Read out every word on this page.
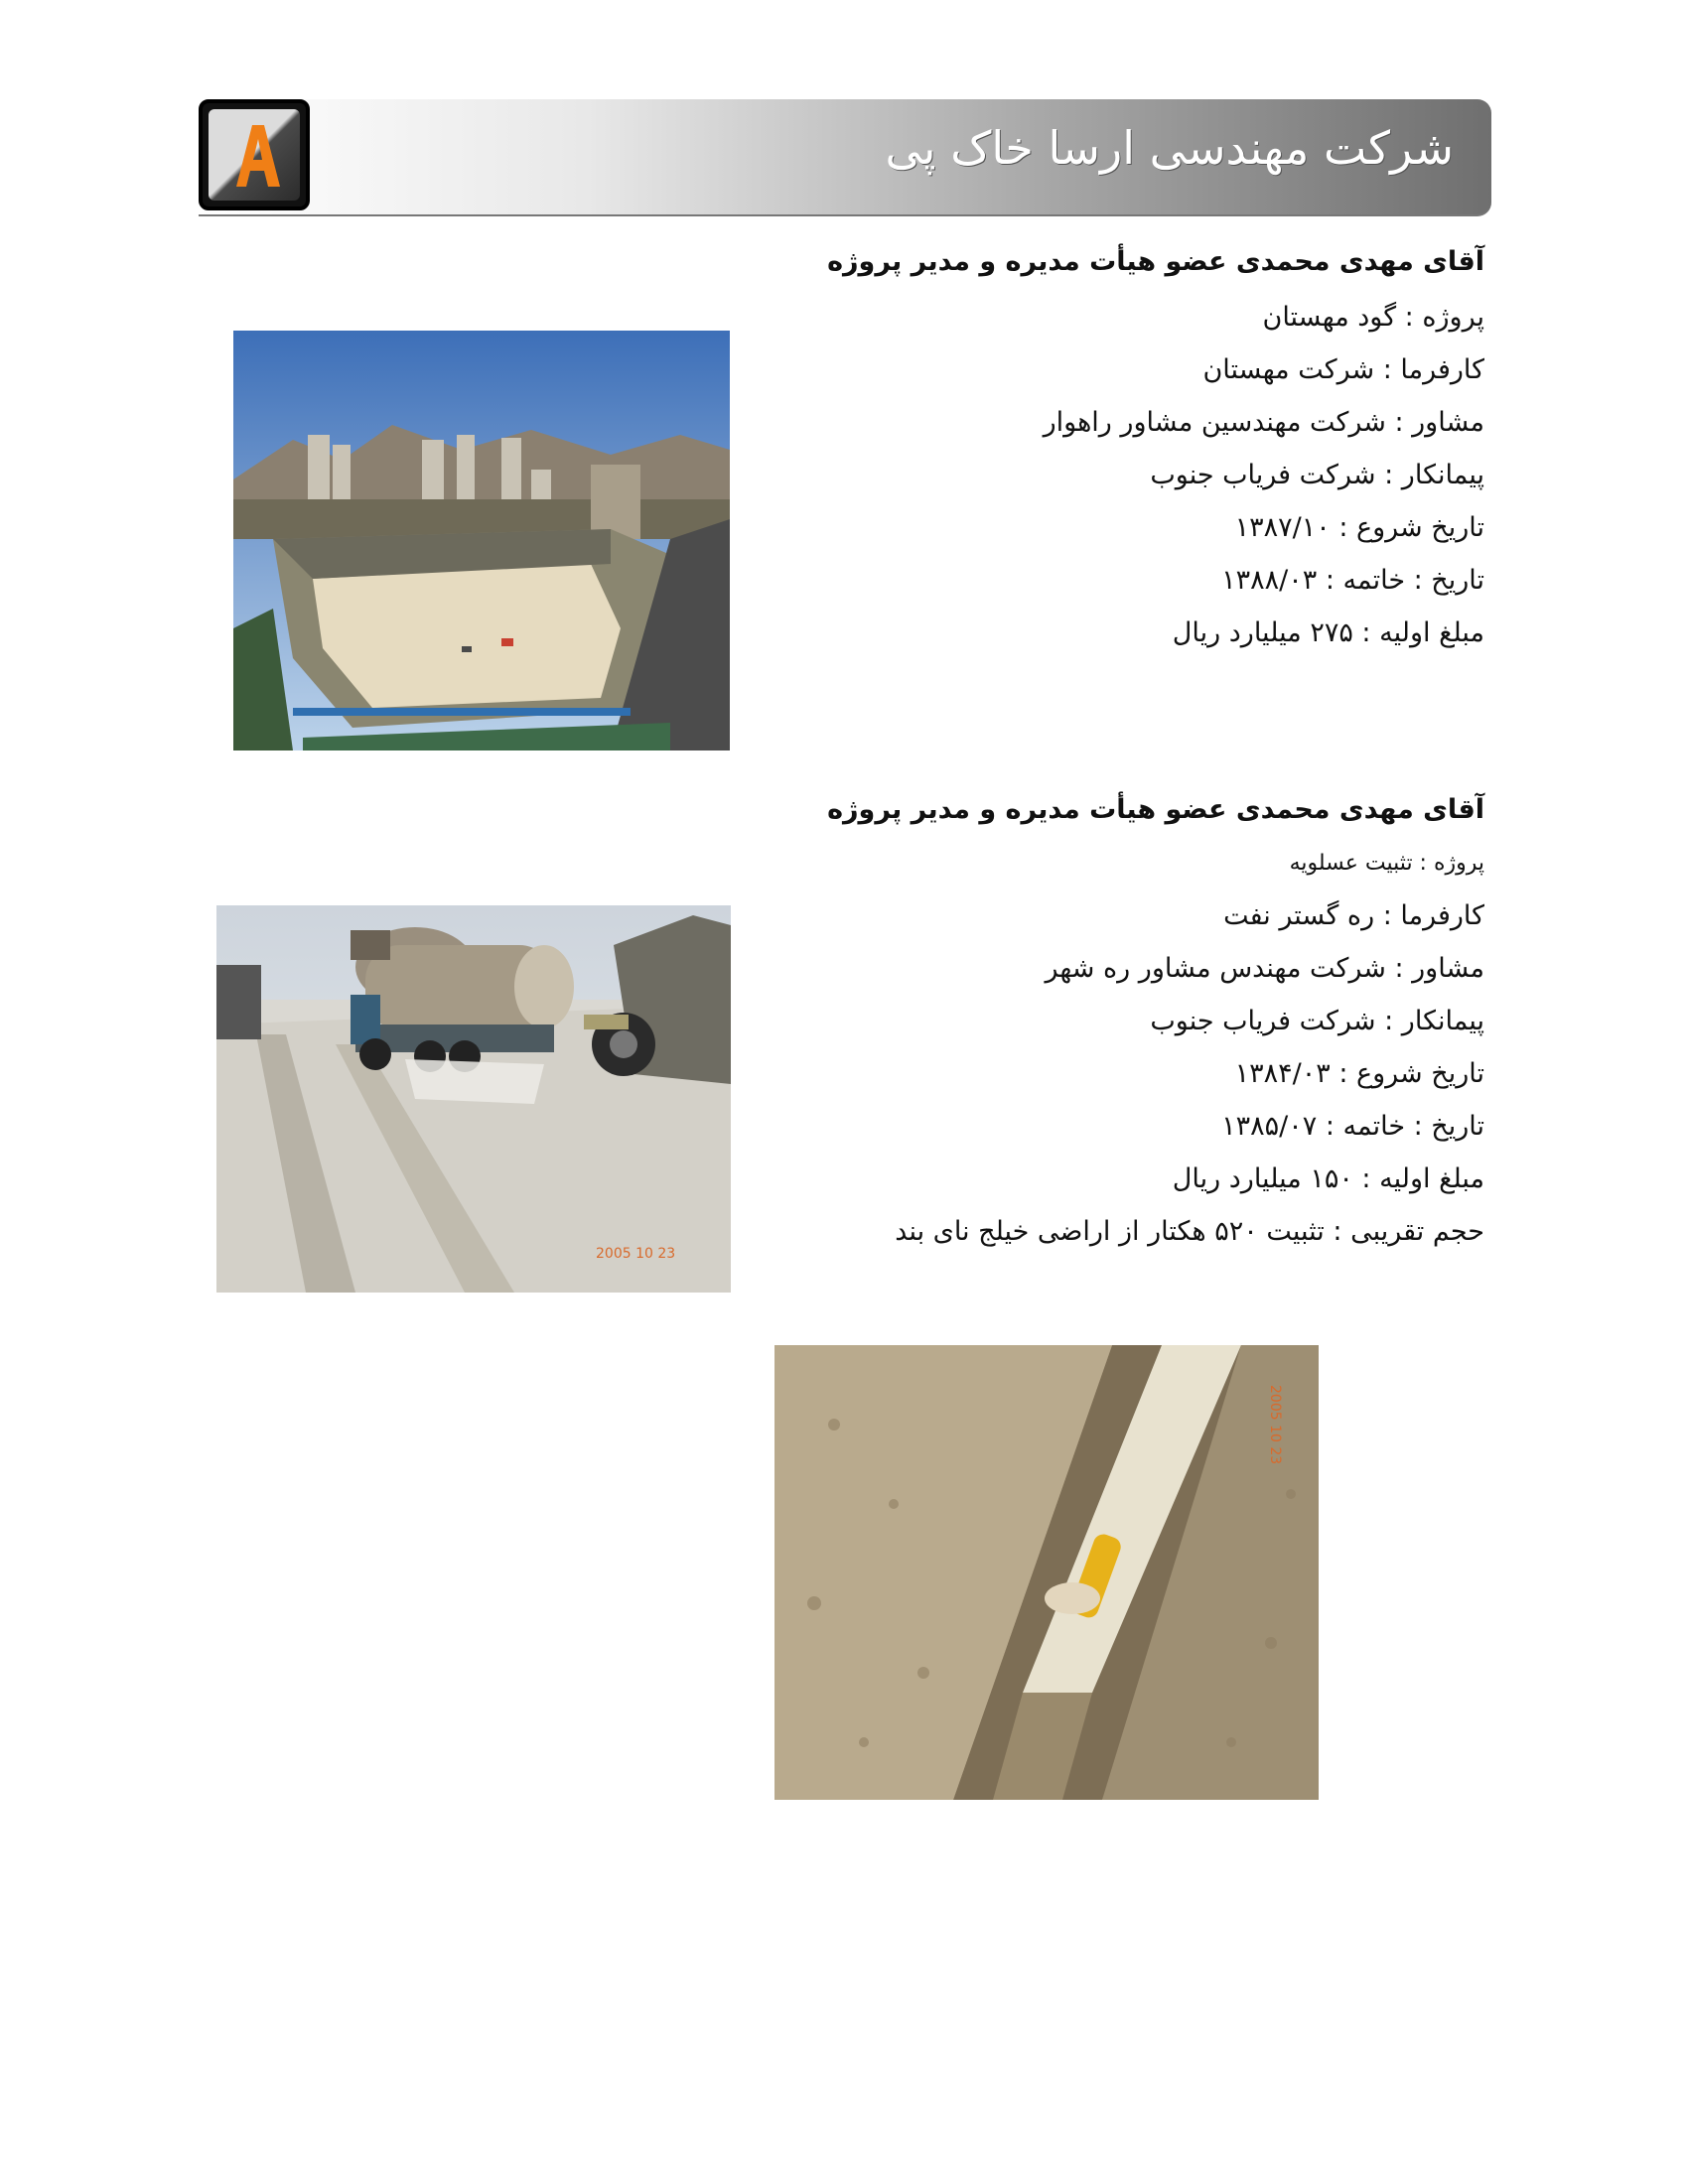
شرکت مهندسی ارسا خاک پی

آقای مهدی محمدی عضو هیأت مدیره و مدیر پروژه

پروژه : گود مهستان

کارفرما : شرکت مهستان

مشاور : شرکت مهندسین مشاور راهوار

پیمانکار : شرکت فریاب جنوب

تاریخ شروع : ۱۳۸۷/۱۰

تاریخ : خاتمه : ۱۳۸۸/۰۳

مبلغ اولیه : ۲۷۵ میلیارد ریال

آقای مهدی محمدی عضو هیأت مدیره و مدیر پروژه

پروژه : تثبیت عسلویه

کارفرما : ره گستر نفت

مشاور : شرکت مهندس مشاور ره شهر

پیمانکار : شرکت فریاب جنوب

تاریخ شروع : ۱۳۸۴/۰۳

تاریخ : خاتمه : ۱۳۸۵/۰۷

مبلغ اولیه : ۱۵۰ میلیارد ریال

حجم تقریبی : تثبیت ۵۲۰ هکتار از اراضی خیلج نای بند

2005 10 23
2005 10 23
